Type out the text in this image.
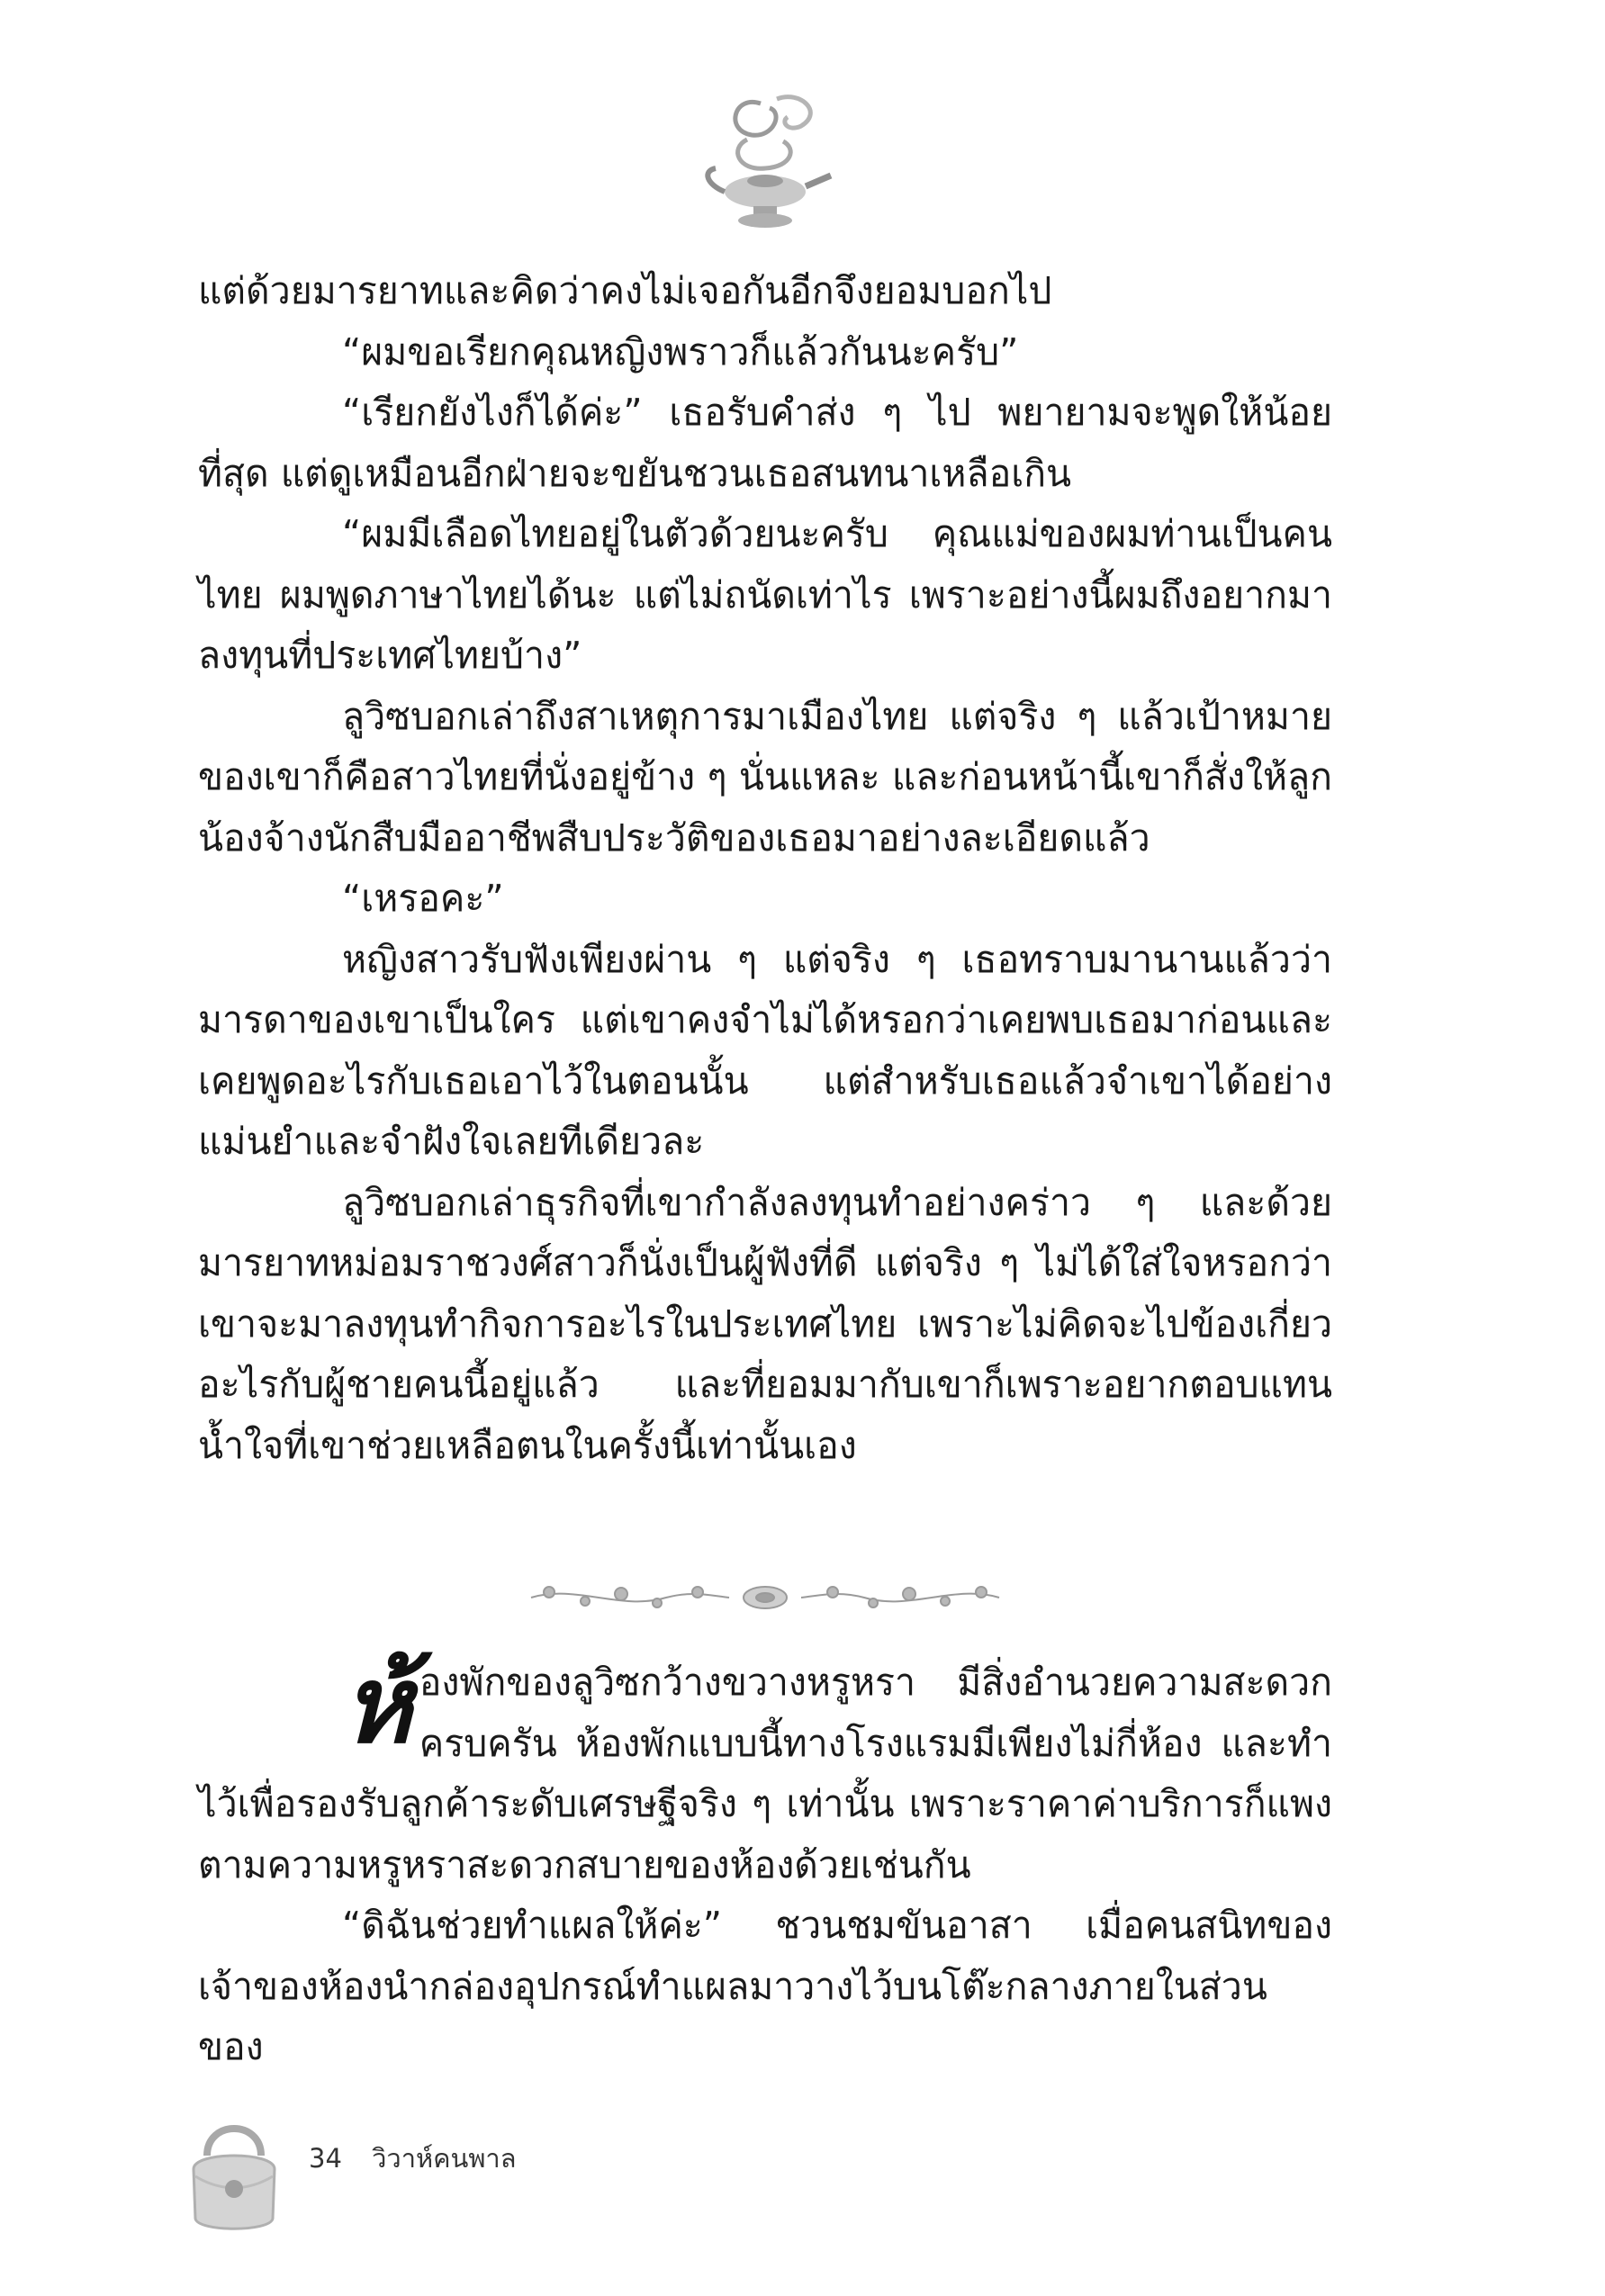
แต่ด้วยมารยาทและคิดว่าคงไม่เจอกันอีกจึงยอมบอกไป

“ผมขอเรียกคุณหญิงพราวก็แล้วกันนะครับ”

“เรียกยังไงก็ได้ค่ะ” เธอรับคำส่ง ๆ ไป พยายามจะพูดให้น้อยที่สุด แต่ดูเหมือนอีกฝ่ายจะขยันชวนเธอสนทนาเหลือเกิน

“ผมมีเลือดไทยอยู่ในตัวด้วยนะครับ คุณแม่ของผมท่านเป็นคนไทย ผมพูดภาษาไทยได้นะ แต่ไม่ถนัดเท่าไร เพราะอย่างนี้ผมถึงอยากมาลงทุนที่ประเทศไทยบ้าง”

ลูวิซบอกเล่าถึงสาเหตุการมาเมืองไทย แต่จริง ๆ แล้วเป้าหมายของเขาก็คือสาวไทยที่นั่งอยู่ข้าง ๆ นั่นแหละ และก่อนหน้านี้เขาก็สั่งให้ลูกน้องจ้างนักสืบมืออาชีพสืบประวัติของเธอมาอย่างละเอียดแล้ว

“เหรอคะ”

หญิงสาวรับฟังเพียงผ่าน ๆ แต่จริง ๆ เธอทราบมานานแล้วว่ามารดาของเขาเป็นใคร แต่เขาคงจำไม่ได้หรอกว่าเคยพบเธอมาก่อนและเคยพูดอะไรกับเธอเอาไว้ในตอนนั้น แต่สำหรับเธอแล้วจำเขาได้อย่างแม่นยำและจำฝังใจเลยทีเดียวละ

ลูวิซบอกเล่าธุรกิจที่เขากำลังลงทุนทำอย่างคร่าว ๆ และด้วยมารยาทหม่อมราชวงศ์สาวก็นั่งเป็นผู้ฟังที่ดี แต่จริง ๆ ไม่ได้ใส่ใจหรอกว่าเขาจะมาลงทุนทำกิจการอะไรในประเทศไทย เพราะไม่คิดจะไปข้องเกี่ยวอะไรกับผู้ชายคนนี้อยู่แล้ว และที่ยอมมากับเขาก็เพราะอยากตอบแทนน้ำใจที่เขาช่วยเหลือตนในครั้งนี้เท่านั้นเอง

ห้องพักของลูวิซกว้างขวางหรูหรา มีสิ่งอำนวยความสะดวกครบครัน ห้องพักแบบนี้ทางโรงแรมมีเพียงไม่กี่ห้อง และทำไว้เพื่อรองรับลูกค้าระดับเศรษฐีจริง ๆ เท่านั้น เพราะราคาค่าบริการก็แพงตามความหรูหราสะดวกสบายของห้องด้วยเช่นกัน

“ดิฉันช่วยทำแผลให้ค่ะ” ชวนชมขันอาสา เมื่อคนสนิทของเจ้าของห้องนำกล่องอุปกรณ์ทำแผลมาวางไว้บนโต๊ะกลางภายในส่วนของ

34 วิวาห์คนพาล
